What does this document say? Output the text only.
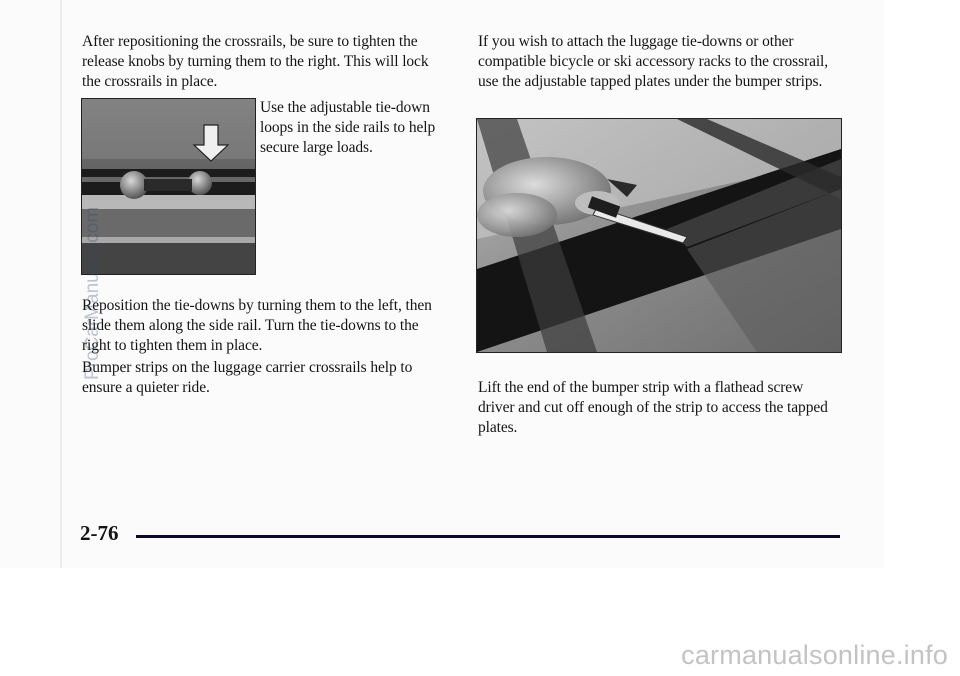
After repositioning the crossrails, be sure to tighten the release knobs by turning them to the right. This will lock the crossrails in place.

Use the adjustable tie-down loops in the side rails to help secure large loads.

Reposition the tie-downs by turning them to the left, then slide them along the side rail. Turn the tie-downs to the right to tighten them in place.

Bumper strips on the luggage carrier crossrails help to ensure a quieter ride.

If you wish to attach the luggage tie-downs or other compatible bicycle or ski accessory racks to the crossrail, use the adjustable tapped plates under the bumper strips.

Lift the end of the bumper strip with a flathead screw driver and cut off enough of the strip to access the tapped plates.

2-76
ProCarManuals.com
carmanualsonline.info
